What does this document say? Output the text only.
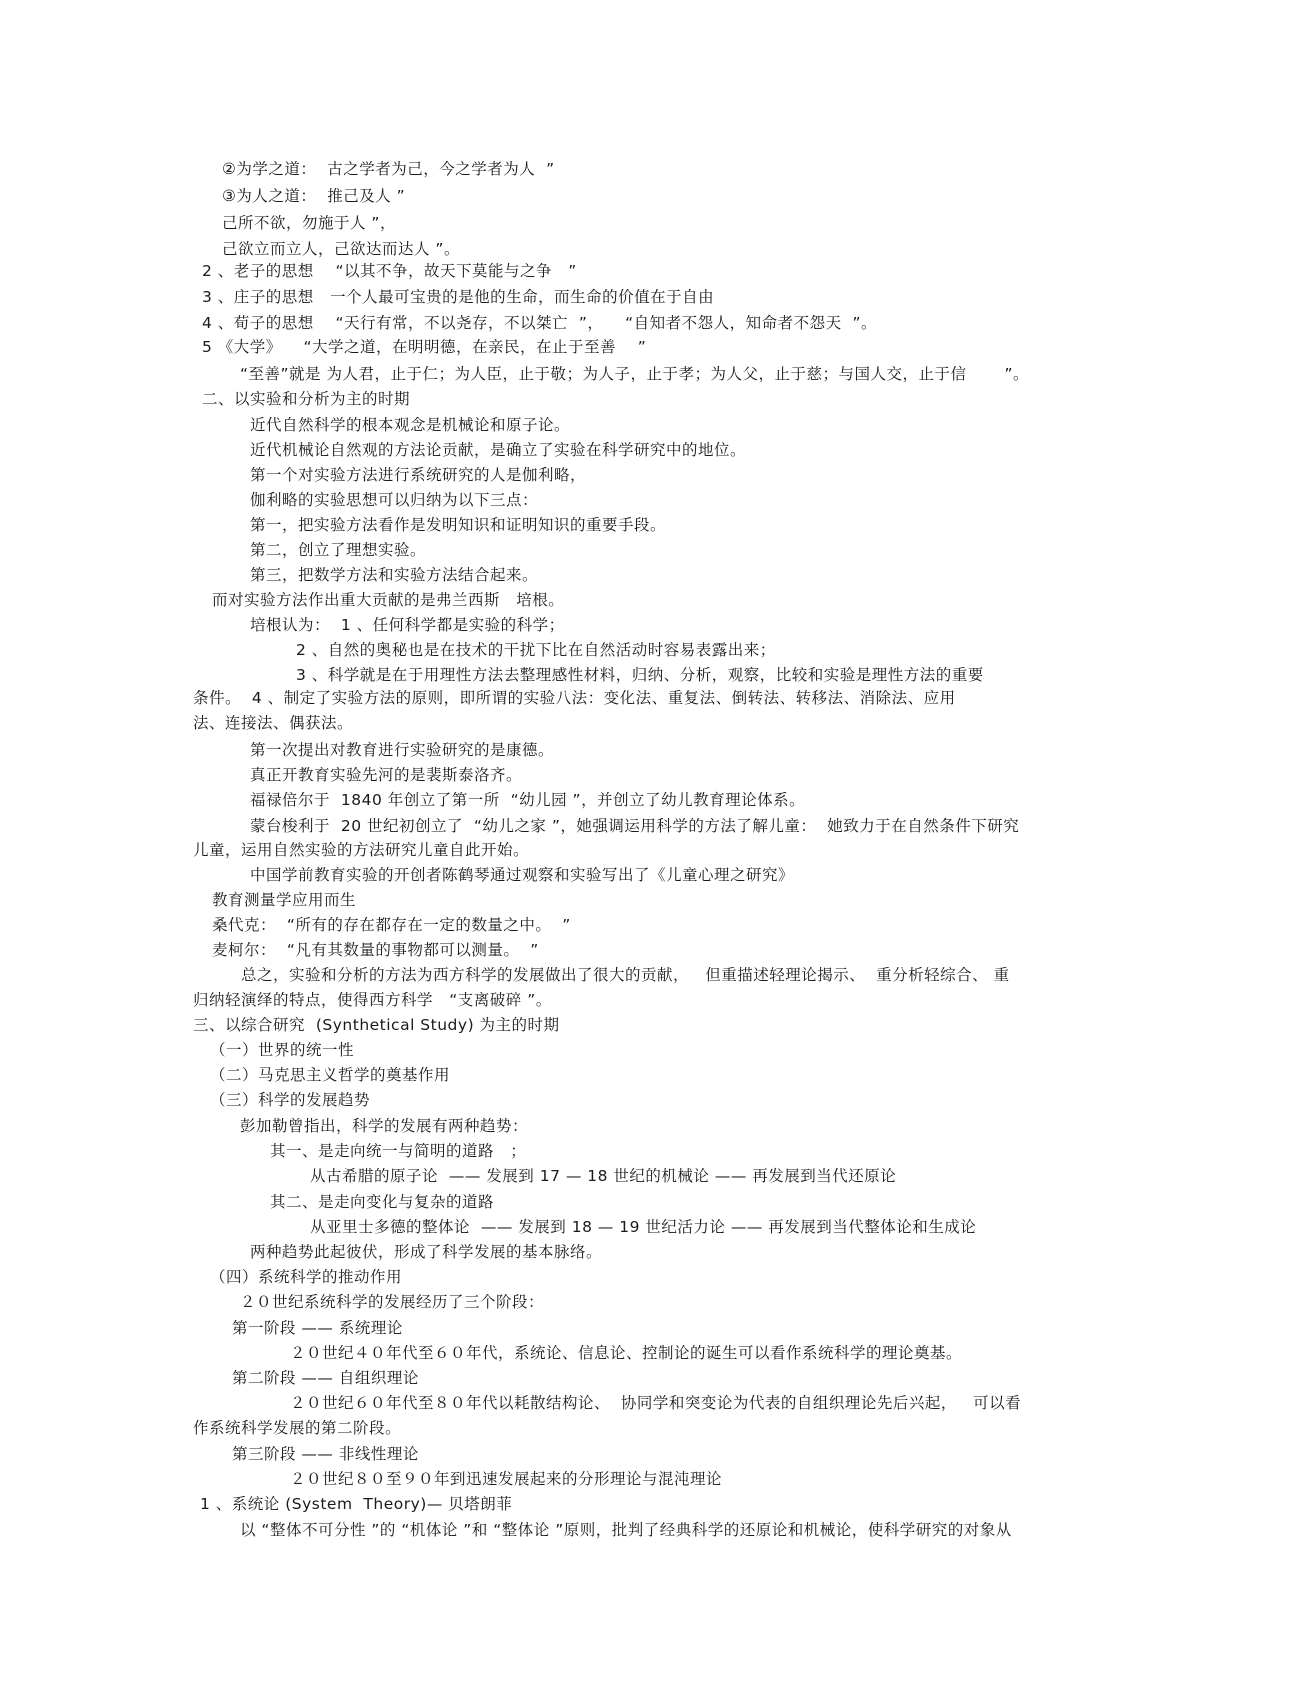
②为学之道：  古之学者为己，今之学者为人  ”
③为人之道：  推己及人 ”
己所不欲，勿施于人 ”，
己欲立而立人，己欲达而达人 ”。
2 、老子的思想    “以其不争，故天下莫能与之争   ”
3 、庄子的思想   一个人最可宝贵的是他的生命，而生命的价值在于自由
4 、荀子的思想    “天行有常，不以尧存，不以桀亡  ”，    “自知者不怨人，知命者不怨天  ”。
5 《大学》    “大学之道，在明明德，在亲民，在止于至善    ”
“至善”就是 为人君，止于仁；为人臣，止于敬；为人子，止于孝；为人父，止于慈；与国人交，止于信       ”。
二、以实验和分析为主的时期
近代自然科学的根本观念是机械论和原子论。
近代机械论自然观的方法论贡献，是确立了实验在科学研究中的地位。
第一个对实验方法进行系统研究的人是伽利略，
伽利略的实验思想可以归纳为以下三点：
第一，把实验方法看作是发明知识和证明知识的重要手段。
第二，创立了理想实验。
第三，把数学方法和实验方法结合起来。
而对实验方法作出重大贡献的是弗兰西斯   培根。
培根认为：  1 、任何科学都是实验的科学；
2 、自然的奥秘也是在技术的干扰下比在自然活动时容易表露出来；
3 、科学就是在于用理性方法去整理感性材料，归纳、分析，观察，比较和实验是理性方法的重要
条件。  4 、制定了实验方法的原则，即所谓的实验八法：变化法、重复法、倒转法、转移法、消除法、应用
法、连接法、偶获法。
第一次提出对教育进行实验研究的是康德。
真正开教育实验先河的是裴斯泰洛齐。
福禄倍尔于  1840 年创立了第一所  “幼儿园 ”，并创立了幼儿教育理论体系。
蒙台梭利于  20 世纪初创立了  “幼儿之家 ”，她强调运用科学的方法了解儿童：  她致力于在自然条件下研究
儿童，运用自然实验的方法研究儿童自此开始。
中国学前教育实验的开创者陈鹤琴通过观察和实验写出了《儿童心理之研究》
教育测量学应用而生
桑代克：  “所有的存在都存在一定的数量之中。  ”
麦柯尔：  “凡有其数量的事物都可以测量。  ”
总之，实验和分析的方法为西方科学的发展做出了很大的贡献，   但重描述轻理论揭示、  重分析轻综合、 重
归纳轻演绎的特点，使得西方科学   “支离破碎 ”。
三、以综合研究  (Synthetical Study) 为主的时期
（一）世界的统一性
（二）马克思主义哲学的奠基作用
（三）科学的发展趋势
彭加勒曾指出，科学的发展有两种趋势：
其一、是走向统一与简明的道路   ；
从古希腊的原子论  —— 发展到 17 — 18 世纪的机械论 —— 再发展到当代还原论
其二、是走向变化与复杂的道路
从亚里士多德的整体论  —— 发展到 18 — 19 世纪活力论 —— 再发展到当代整体论和生成论
两种趋势此起彼伏，形成了科学发展的基本脉络。
（四）系统科学的推动作用
２０世纪系统科学的发展经历了三个阶段：
第一阶段 —— 系统理论
２０世纪４０年代至６０年代，系统论、信息论、控制论的诞生可以看作系统科学的理论奠基。
第二阶段 —— 自组织理论
２０世纪６０年代至８０年代以耗散结构论、  协同学和突变论为代表的自组织理论先后兴起，   可以看
作系统科学发展的第二阶段。
第三阶段 —— 非线性理论
２０世纪８０至９０年到迅速发展起来的分形理论与混沌理论
1 、系统论 (System  Theory)— 贝塔朗菲
以 “整体不可分性 ”的 “机体论 ”和 “整体论 ”原则，批判了经典科学的还原论和机械论，使科学研究的对象从
